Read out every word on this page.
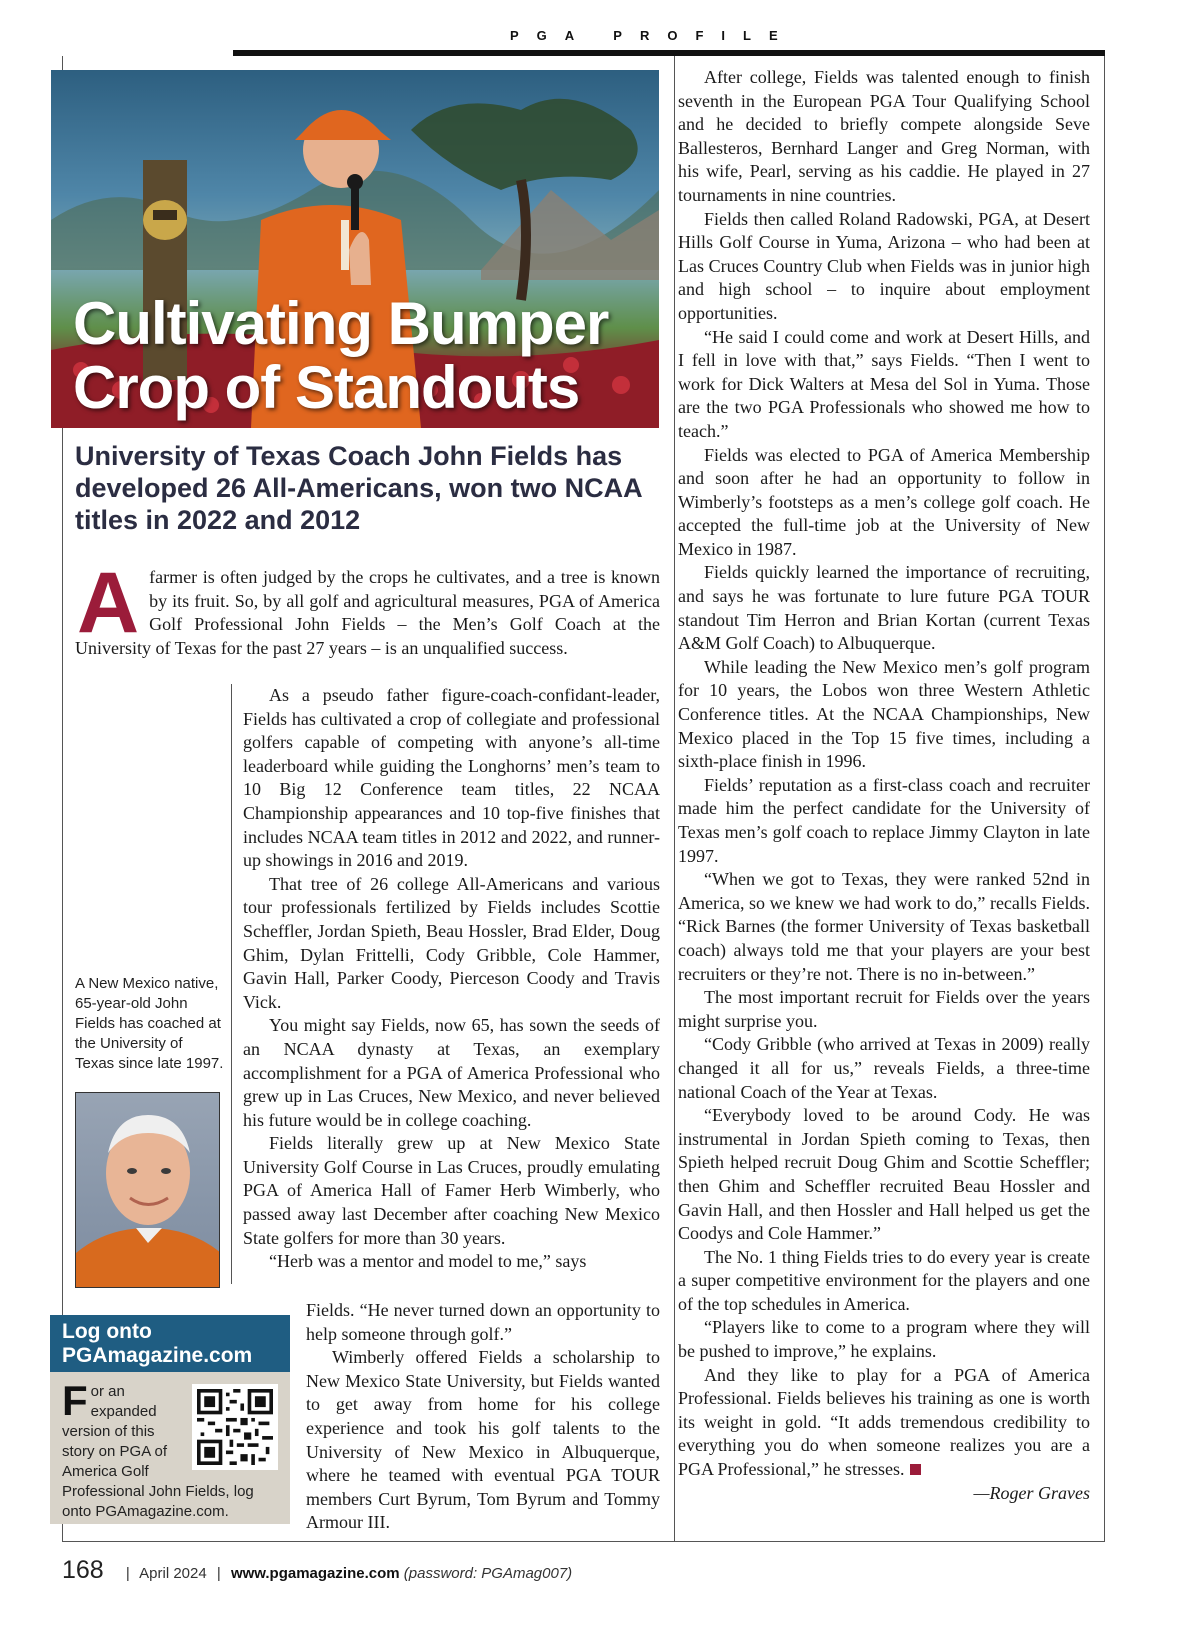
PGA PROFILE
Cultivating Bumper
Crop of Standouts
University of Texas Coach John Fields has developed 26 All-Americans, won two NCAA titles in 2022 and 2012
A farmer is often judged by the crops he cultivates, and a tree is known by its fruit. So, by all golf and agricultural measures, PGA of America Golf Professional John Fields – the Men’s Golf Coach at the University of Texas for the past 27 years – is an unqualified success.

As a pseudo father figure-coach-confidant-leader, Fields has cultivated a crop of collegiate and professional golfers capable of competing with anyone’s all-time leaderboard while guiding the Longhorns’ men’s team to 10 Big 12 Conference team titles, 22 NCAA Championship appearances and 10 top-five finishes that includes NCAA team titles in 2012 and 2022, and runner-up showings in 2016 and 2019.

That tree of 26 college All-Americans and various tour professionals fertilized by Fields includes Scottie Scheffler, Jordan Spieth, Beau Hossler, Brad Elder, Doug Ghim, Dylan Frittelli, Cody Gribble, Cole Hammer, Gavin Hall, Parker Coody, Pierceson Coody and Travis Vick.

You might say Fields, now 65, has sown the seeds of an NCAA dynasty at Texas, an exemplary accomplishment for a PGA of America Professional who grew up in Las Cruces, New Mexico, and never believed his future would be in college coaching.

Fields literally grew up at New Mexico State University Golf Course in Las Cruces, proudly emulating PGA of America Hall of Famer Herb Wimberly, who passed away last December after coaching New Mexico State golfers for more than 30 years.

“Herb was a mentor and model to me,” says

Fields. “He never turned down an opportunity to help someone through golf.”

Wimberly offered Fields a scholarship to New Mexico State University, but Fields wanted to get away from home for his college experience and took his golf talents to the University of New Mexico in Albuquerque, where he teamed with eventual PGA TOUR members Curt Byrum, Tom Byrum and Tommy Armour III.

After college, Fields was talented enough to finish seventh in the European PGA Tour Qualifying School and he decided to briefly compete alongside Seve Ballesteros, Bernhard Langer and Greg Norman, with his wife, Pearl, serving as his caddie. He played in 27 tournaments in nine countries.

Fields then called Roland Radowski, PGA, at Desert Hills Golf Course in Yuma, Arizona – who had been at Las Cruces Country Club when Fields was in junior high and high school – to inquire about employment opportunities.

“He said I could come and work at Desert Hills, and I fell in love with that,” says Fields. “Then I went to work for Dick Walters at Mesa del Sol in Yuma. Those are the two PGA Professionals who showed me how to teach.”

Fields was elected to PGA of America Membership and soon after he had an opportunity to follow in Wimberly’s footsteps as a men’s college golf coach. He accepted the full-time job at the University of New Mexico in 1987.

Fields quickly learned the importance of recruiting, and says he was fortunate to lure future PGA TOUR standout Tim Herron and Brian Kortan (current Texas A&M Golf Coach) to Albuquerque.

While leading the New Mexico men’s golf program for 10 years, the Lobos won three Western Athletic Conference titles. At the NCAA Championships, New Mexico placed in the Top 15 five times, including a sixth-place finish in 1996.

Fields’ reputation as a first-class coach and recruiter made him the perfect candidate for the University of Texas men’s golf coach to replace Jimmy Clayton in late 1997.

“When we got to Texas, they were ranked 52nd in America, so we knew we had work to do,” recalls Fields. “Rick Barnes (the former University of Texas basketball coach) always told me that your players are your best recruiters or they’re not. There is no in-between.”

The most important recruit for Fields over the years might surprise you.

“Cody Gribble (who arrived at Texas in 2009) really changed it all for us,” reveals Fields, a three-time national Coach of the Year at Texas.

“Everybody loved to be around Cody. He was instrumental in Jordan Spieth coming to Texas, then Spieth helped recruit Doug Ghim and Scottie Scheffler; then Ghim and Scheffler recruited Beau Hossler and Gavin Hall, and then Hossler and Hall helped us get the Coodys and Cole Hammer.”

The No. 1 thing Fields tries to do every year is create a super competitive environment for the players and one of the top schedules in America.

“Players like to come to a program where they will be pushed to improve,” he explains.

And they like to play for a PGA of America Professional. Fields believes his training as one is worth its weight in gold. “It adds tremendous credibility to everything you do when someone realizes you are a PGA Professional,” he stresses.

—Roger Graves

A New Mexico native, 65-year-old John Fields has coached at the University of Texas since late 1997.
Log onto
PGAmagazine.com
F or an expanded version of this story on PGA of America Golf Professional John Fields, log onto PGAmagazine.com.
168 | April 2024 | www.pgamagazine.com (password: PGAmag007)
